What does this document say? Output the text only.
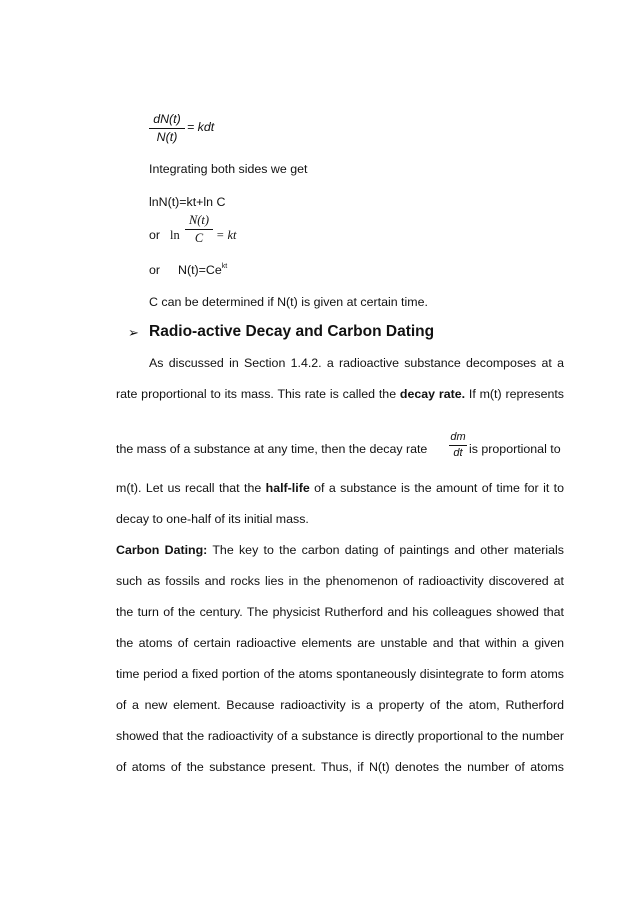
dN(t)
N(t)
= kdt
Integrating both sides we get
lnN(t)=kt+ln C
or ln
N(t)
C	= kt
or $N(t)=Ce^{kt}$
C can be determined if N(t) is given at certain time.
➢ Radio-active Decay and Carbon Dating
As discussed in Section 1.4.2. a radioactive substance decomposes at a
rate proportional to its mass. This rate is called the decay rate. If m(t) represents
the mass of a substance at any time, then the decay rate
dm
dt is proportional to
m(t). Let us recall that the half-life of a substance is the amount of time for it to
decay to one-half of its initial mass.
Carbon Dating: The key to the carbon dating of paintings and other materials
such as fossils and rocks lies in the phenomenon of radioactivity discovered at
the turn of the century. The physicist Rutherford and his colleagues showed that
the atoms of certain radioactive elements are unstable and that within a given
time period a fixed portion of the atoms spontaneously disintegrate to form atoms
of a new element. Because radioactivity is a property of the atom, Rutherford
showed that the radioactivity of a substance is directly proportional to the number
of atoms of the substance present. Thus, if N(t) denotes the number of atoms
